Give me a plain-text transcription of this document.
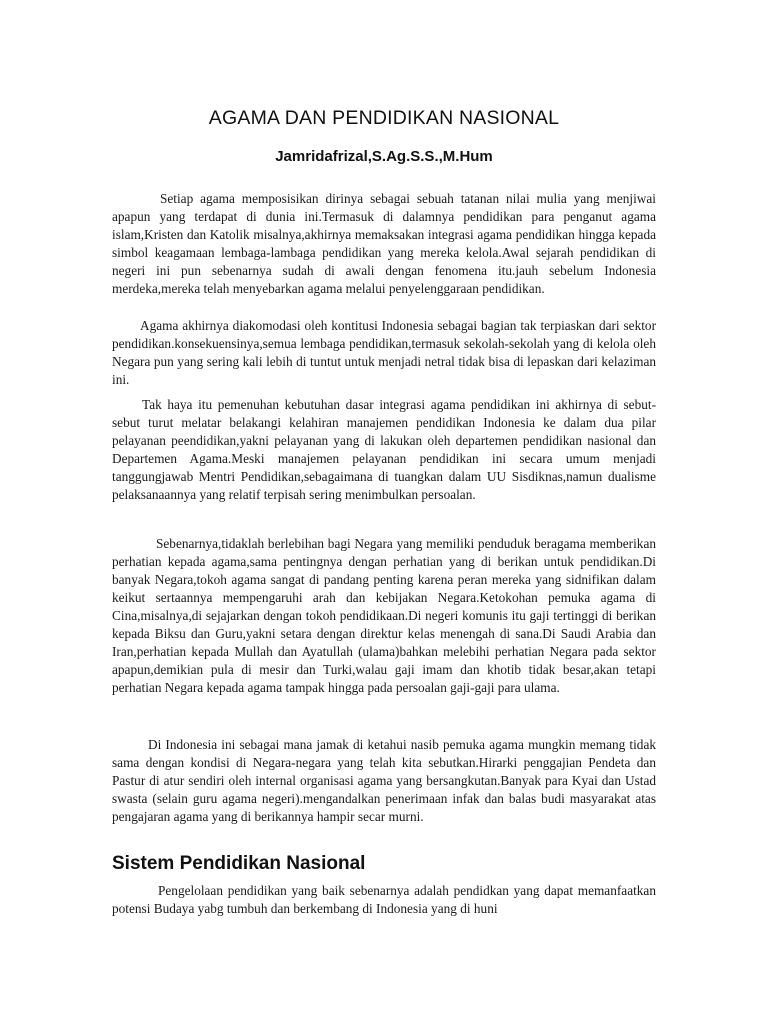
AGAMA DAN PENDIDIKAN NASIONAL

Jamridafrizal,S.Ag.S.S.,M.Hum

Setiap agama memposisikan dirinya sebagai sebuah tatanan nilai mulia yang menjiwai apapun yang terdapat di dunia ini.Termasuk di dalamnya pendidikan para penganut agama islam,Kristen dan Katolik misalnya,akhirnya memaksakan integrasi agama pendidikan hingga kepada simbol keagamaan lembaga-lambaga pendidikan yang mereka kelola.Awal sejarah pendidikan di negeri ini pun sebenarnya sudah di awali dengan fenomena itu.jauh sebelum Indonesia merdeka,mereka telah menyebarkan agama melalui penyelenggaraan pendidikan.

Agama akhirnya diakomodasi oleh kontitusi Indonesia sebagai bagian tak terpiaskan dari sektor pendidikan.konsekuensinya,semua lembaga pendidikan,termasuk sekolah-sekolah yang di kelola oleh Negara pun yang sering kali lebih di tuntut untuk menjadi netral tidak bisa di lepaskan dari kelaziman ini.

Tak haya itu pemenuhan kebutuhan dasar integrasi agama pendidikan ini akhirnya di sebut-sebut turut melatar belakangi kelahiran manajemen pendidikan Indonesia ke dalam dua pilar pelayanan peendidikan,yakni pelayanan yang di lakukan oleh departemen pendidikan nasional dan Departemen Agama.Meski manajemen pelayanan pendidikan ini secara umum menjadi tanggungjawab Mentri Pendidikan,sebagaimana di tuangkan dalam UU Sisdiknas,namun dualisme pelaksanaannya yang relatif terpisah sering menimbulkan persoalan.

Sebenarnya,tidaklah berlebihan bagi Negara yang memiliki penduduk beragama memberikan perhatian kepada agama,sama pentingnya dengan perhatian yang di berikan untuk pendidikan.Di banyak Negara,tokoh agama sangat di pandang penting karena peran mereka yang sidnifikan dalam keikut sertaannya mempengaruhi arah dan kebijakan Negara.Ketokohan pemuka agama di Cina,misalnya,di sejajarkan dengan tokoh pendidikaan.Di negeri komunis itu gaji tertinggi di berikan kepada Biksu dan Guru,yakni setara dengan direktur kelas menengah di sana.Di Saudi Arabia dan Iran,perhatian kepada Mullah dan Ayatullah (ulama)bahkan melebihi perhatian Negara pada sektor apapun,demikian pula di mesir dan Turki,walau gaji imam dan khotib tidak besar,akan tetapi perhatian Negara kepada agama tampak hingga pada persoalan gaji-gaji para ulama.

Di Indonesia ini sebagai mana jamak di ketahui nasib pemuka agama mungkin memang tidak sama dengan kondisi di Negara-negara yang telah kita sebutkan.Hirarki penggajian Pendeta dan Pastur di atur sendiri oleh internal organisasi agama yang bersangkutan.Banyak para Kyai dan Ustad swasta (selain guru agama negeri).mengandalkan penerimaan infak dan balas budi masyarakat atas pengajaran agama yang di berikannya hampir secar murni.

Sistem Pendidikan Nasional

Pengelolaan pendidikan yang baik sebenarnya adalah pendidkan yang dapat memanfaatkan potensi Budaya yabg tumbuh dan berkembang di Indonesia yang di huni
